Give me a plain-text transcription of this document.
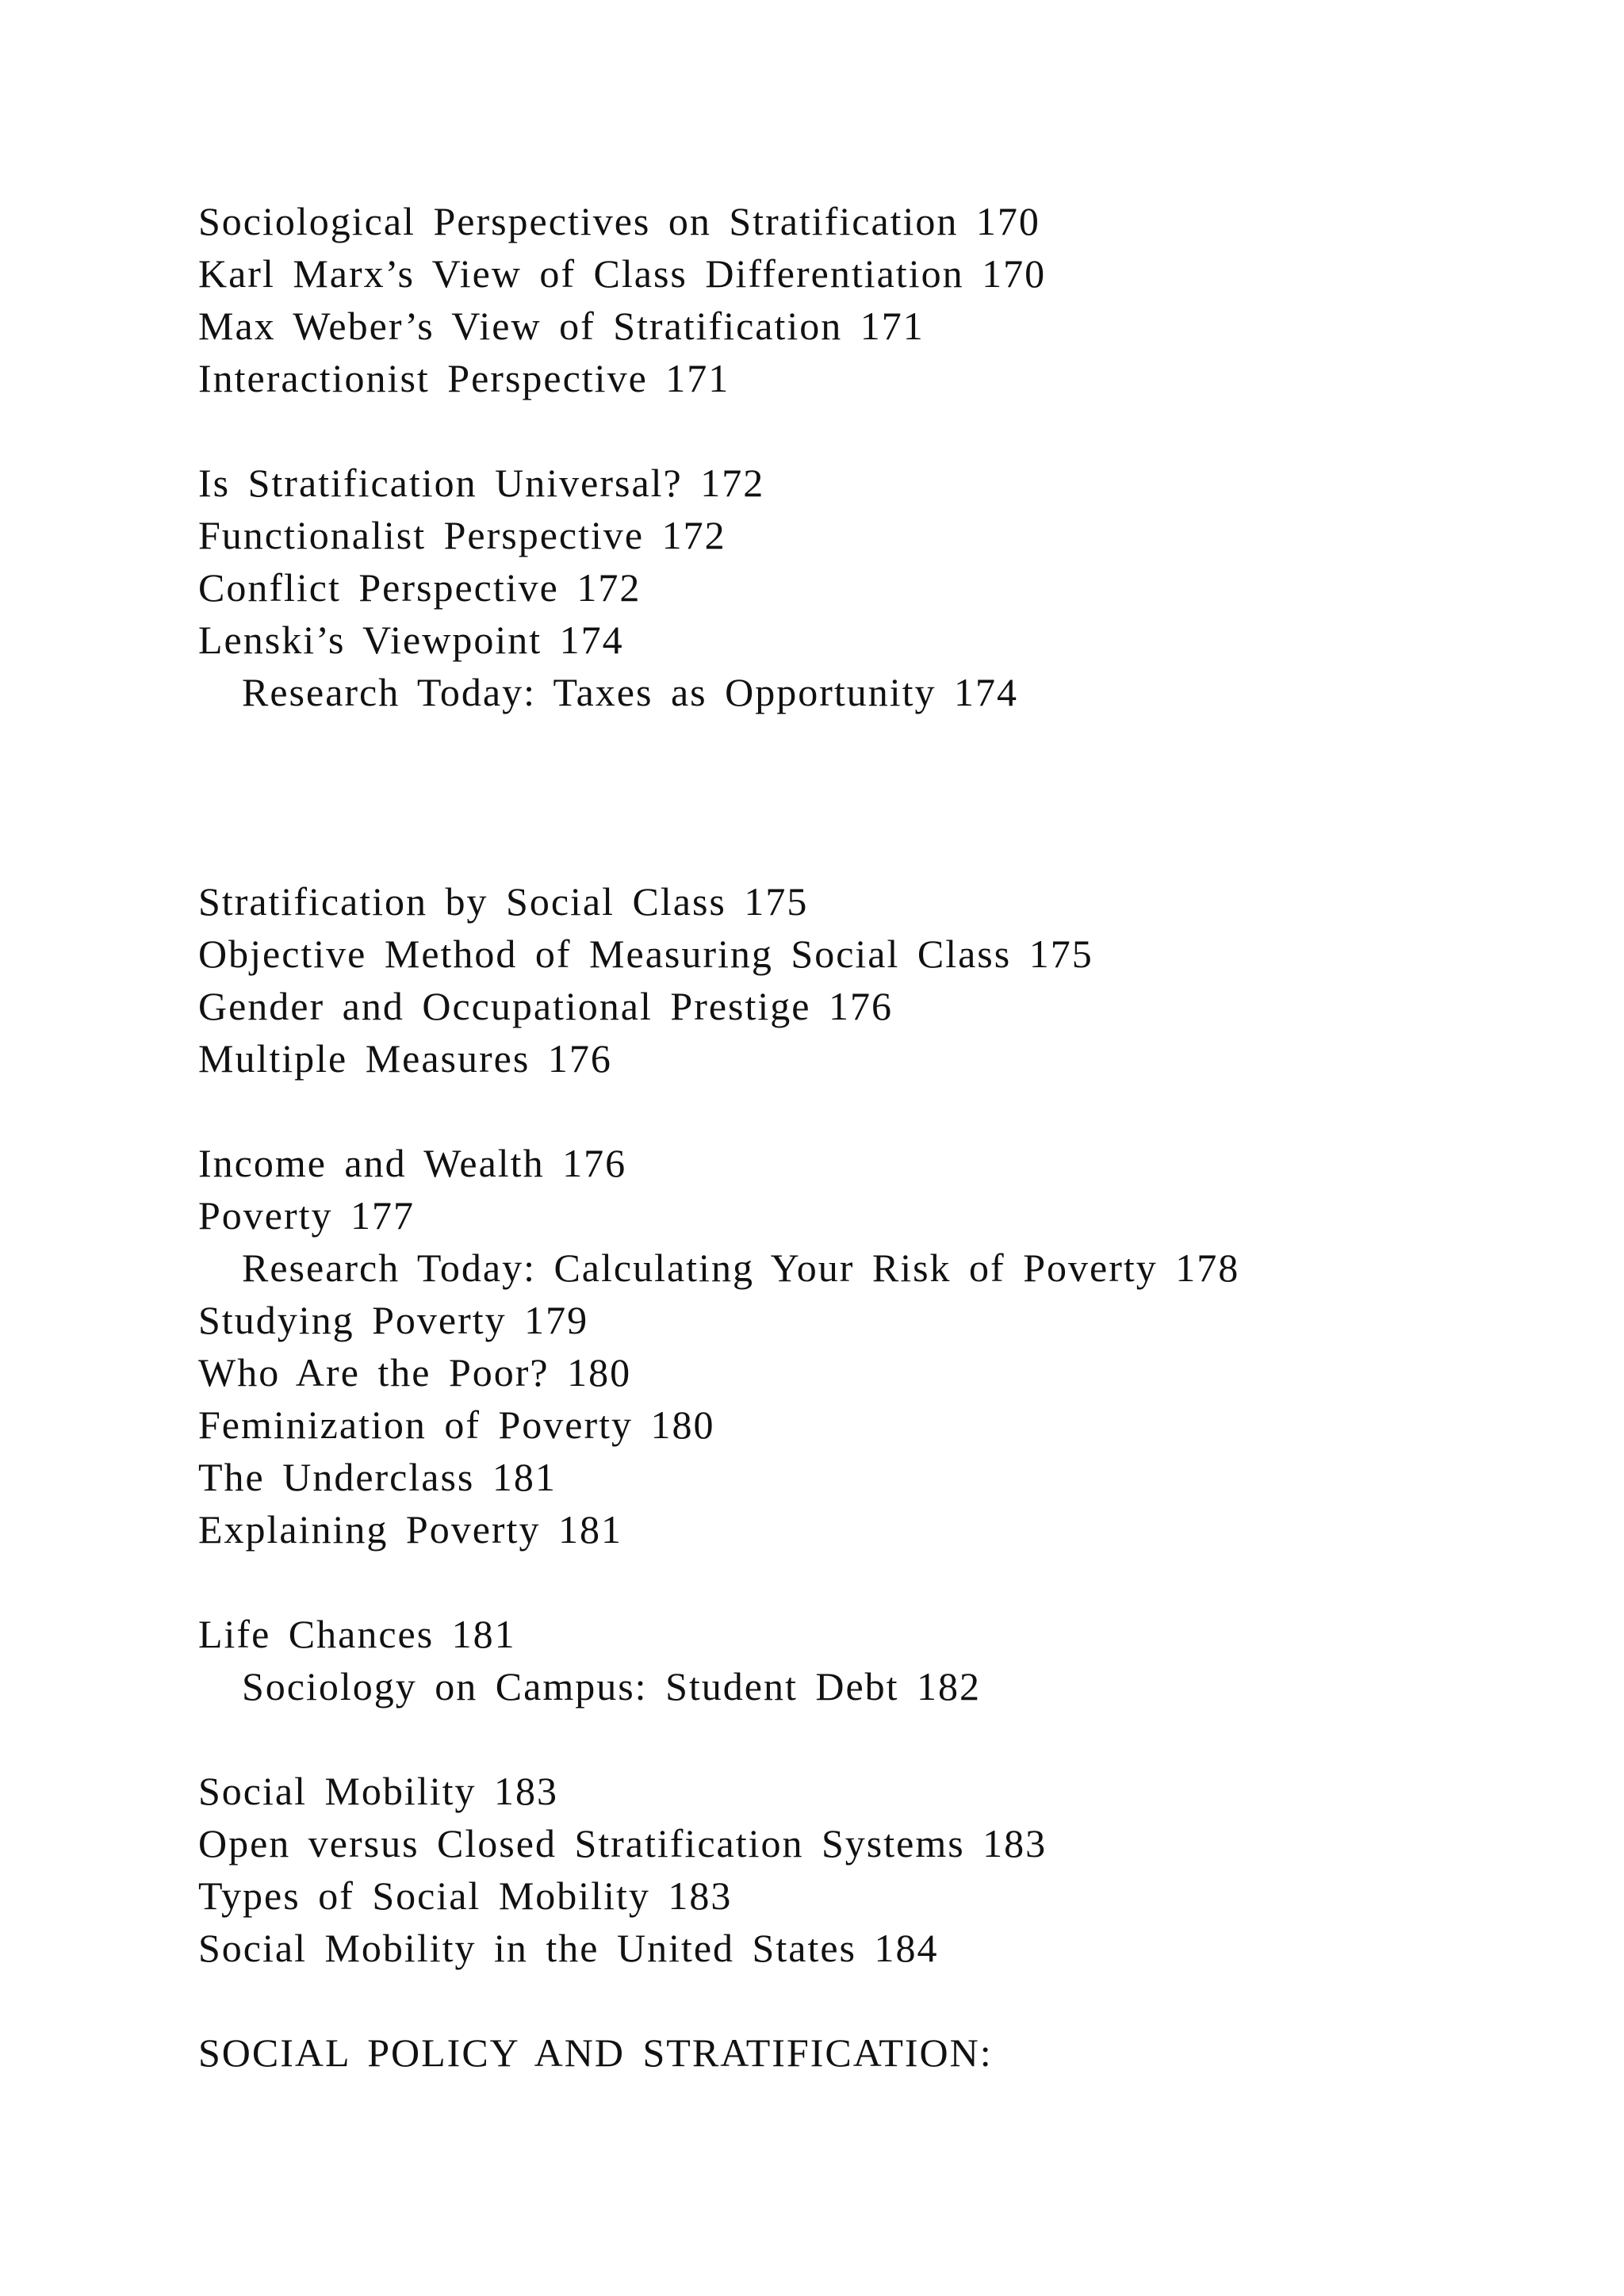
Sociological Perspectives on Stratification 170
Karl Marx’s View of Class Differentiation 170
Max Weber’s View of Stratification 171
Interactionist Perspective 171
Is Stratification Universal? 172
Functionalist Perspective 172
Conflict Perspective 172
Lenski’s Viewpoint 174
Research Today: Taxes as Opportunity 174
Stratification by Social Class 175
Objective Method of Measuring Social Class 175
Gender and Occupational Prestige 176
Multiple Measures 176
Income and Wealth 176
Poverty 177
Research Today: Calculating Your Risk of Poverty 178
Studying Poverty 179
Who Are the Poor? 180
Feminization of Poverty 180
The Underclass 181
Explaining Poverty 181
Life Chances 181
Sociology on Campus: Student Debt 182
Social Mobility 183
Open versus Closed Stratification Systems 183
Types of Social Mobility 183
Social Mobility in the United States 184
SOCIAL POLICY AND STRATIFICATION:
